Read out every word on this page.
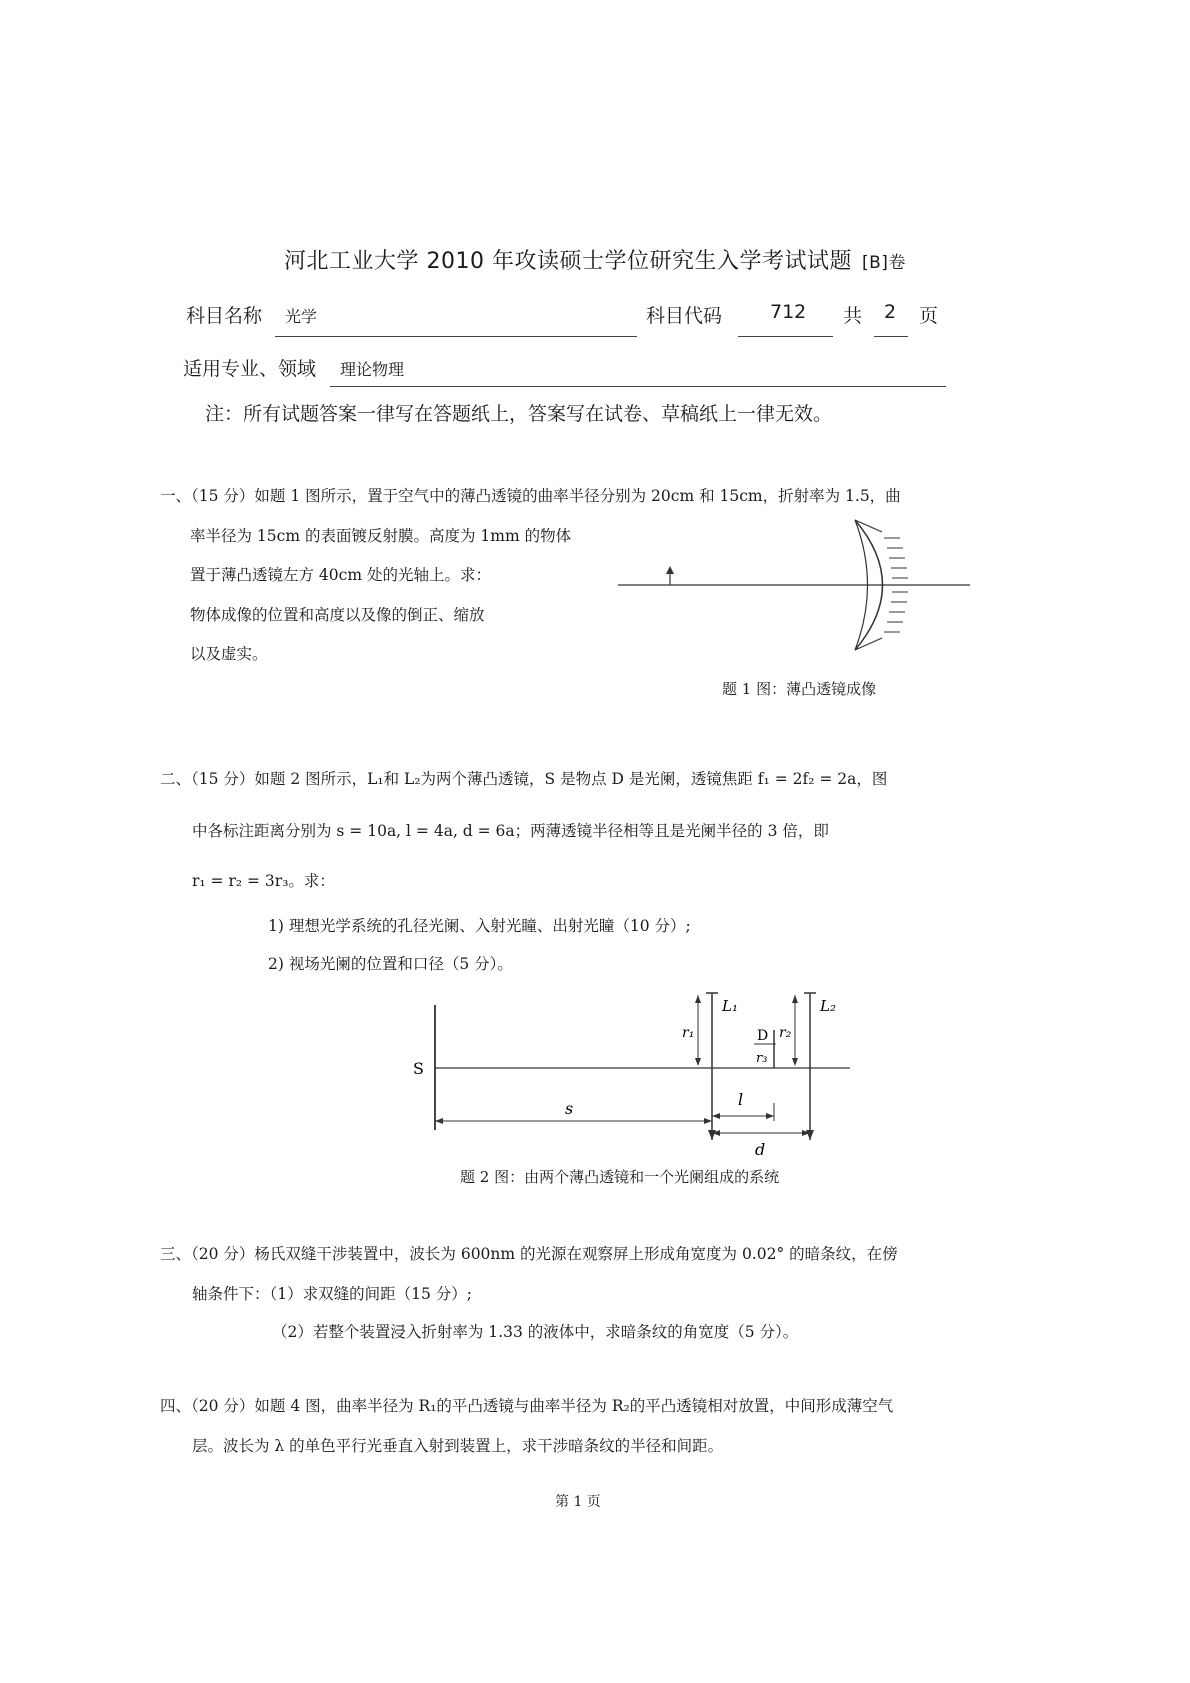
河北工业大学 2010 年攻读硕士学位研究生入学考试试题 [B]卷
科目名称 光学	科目代码	712 共 2 页
适用专业、领域 理论物理
注：所有试题答案一律写在答题纸上，答案写在试卷、草稿纸上一律无效。
一、（15 分）如题 1 图所示，置于空气中的薄凸透镜的曲率半径分别为 20cm 和 15cm，折射率为 1.5，曲
率半径为 15cm 的表面镀反射膜。高度为 1mm 的物体
置于薄凸透镜左方 40cm 处的光轴上。求：
物体成像的位置和高度以及像的倒正、缩放
以及虚实。
题 1 图：薄凸透镜成像
二、（15 分）如题 2 图所示，L₁和 L₂为两个薄凸透镜，S 是物点 D 是光阑，透镜焦距 f₁ = 2f₂ = 2a，图
中各标注距离分别为 s = 10a, l = 4a, d = 6a；两薄透镜半径相等且是光阑半径的 3 倍，即
r₁ = r₂ = 3r₃。求：
1) 理想光学系统的孔径光阑、入射光瞳、出射光瞳（10 分）;
2) 视场光阑的位置和口径（5 分）。
S
L₁
r₁
L₂
r₂
D
r₃
s	l
d
题 2 图：由两个薄凸透镜和一个光阑组成的系统
三、（20 分）杨氏双缝干涉装置中，波长为 600nm 的光源在观察屏上形成角宽度为 0.02° 的暗条纹，在傍
轴条件下：（1）求双缝的间距（15 分）;
（2）若整个装置浸入折射率为 1.33 的液体中，求暗条纹的角宽度（5 分）。
四、（20 分）如题 4 图，曲率半径为 R₁的平凸透镜与曲率半径为 R₂的平凸透镜相对放置，中间形成薄空气
层。波长为 λ 的单色平行光垂直入射到装置上，求干涉暗条纹的半径和间距。
第 1 页
